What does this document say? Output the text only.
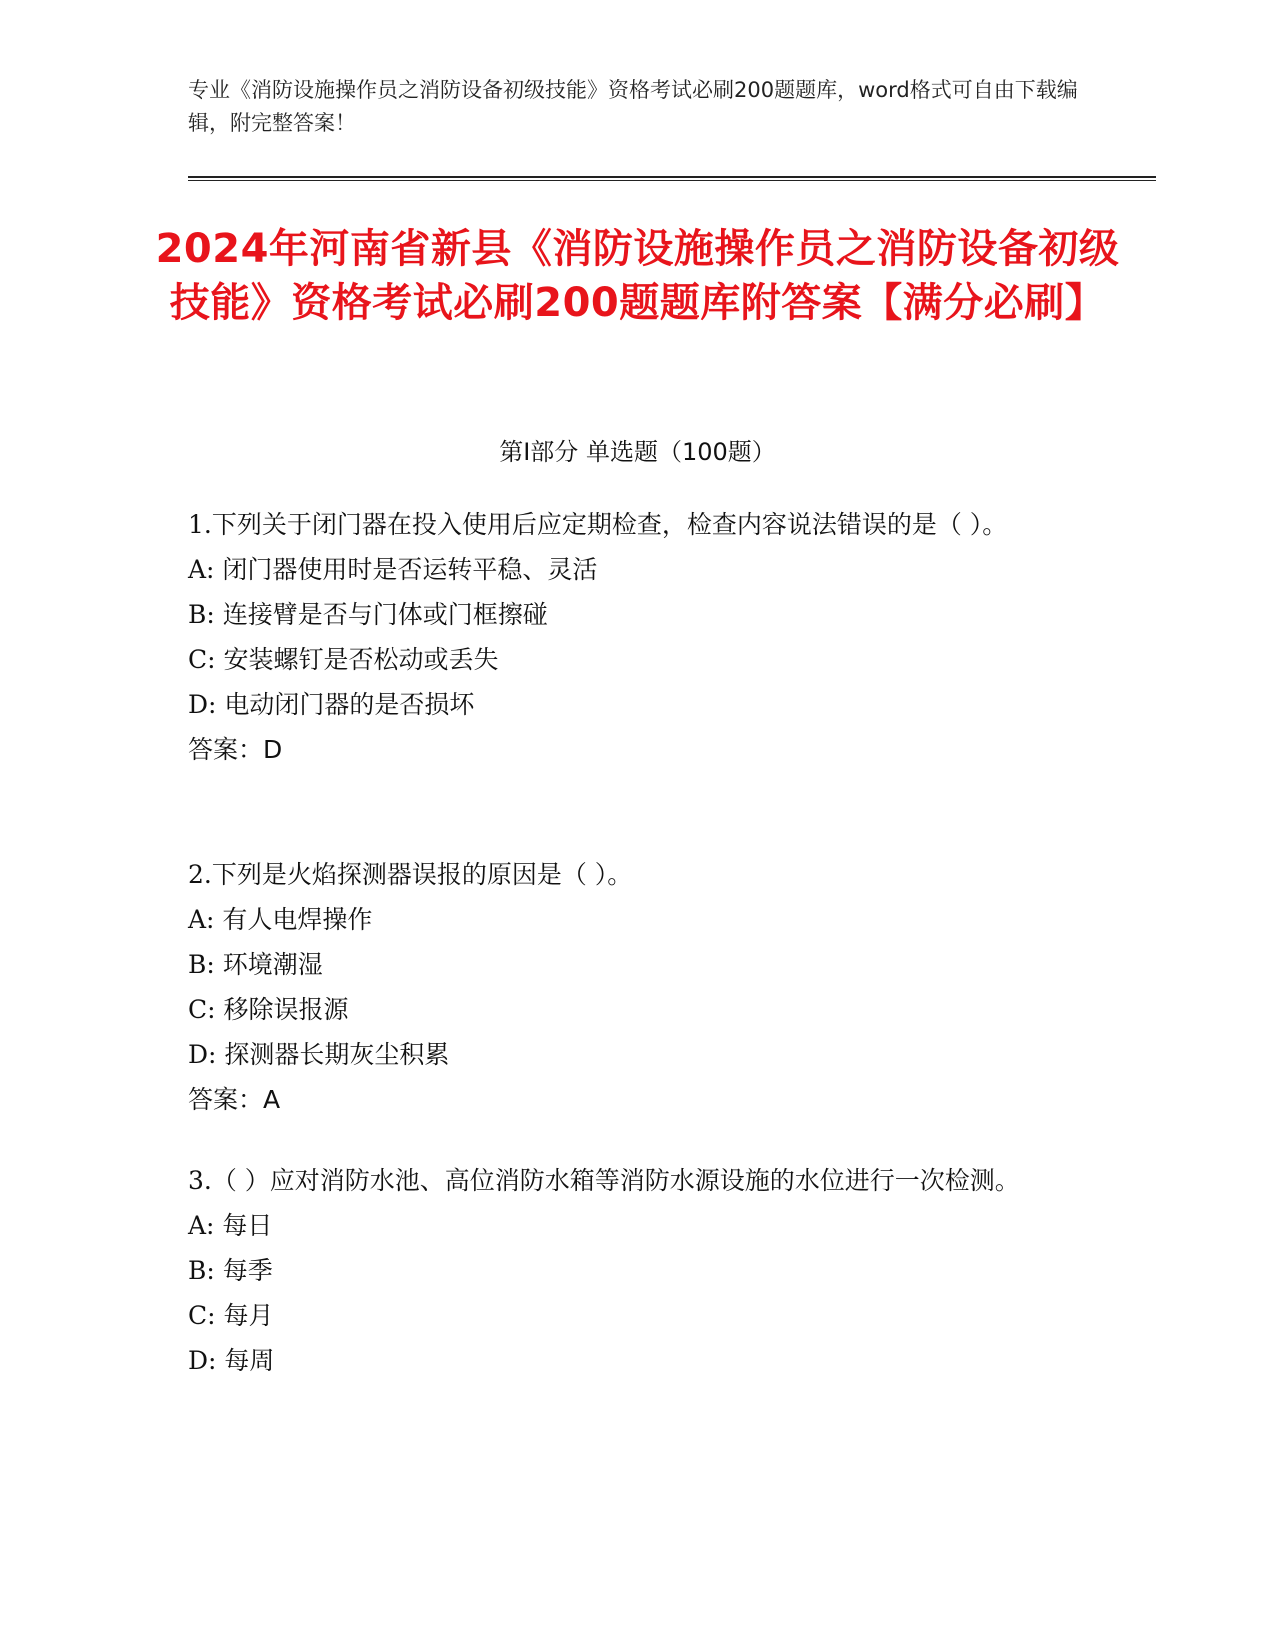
专业《消防设施操作员之消防设备初级技能》资格考试必刷200题题库，word格式可自由下载编辑，附完整答案！
2024年河南省新县《消防设施操作员之消防设备初级技能》资格考试必刷200题题库附答案【满分必刷】
第Ⅰ部分 单选题（100题）

1.下列关于闭门器在投入使用后应定期检查，检查内容说法错误的是（ ）。

A: 闭门器使用时是否运转平稳、灵活

B: 连接臂是否与门体或门框擦碰

C: 安装螺钉是否松动或丢失

D: 电动闭门器的是否损坏

答案：D

2.下列是火焰探测器误报的原因是（ ）。

A: 有人电焊操作

B: 环境潮湿

C: 移除误报源

D: 探测器长期灰尘积累

答案：A

3.（ ）应对消防水池、高位消防水箱等消防水源设施的水位进行一次检测。

A: 每日

B: 每季

C: 每月

D: 每周
